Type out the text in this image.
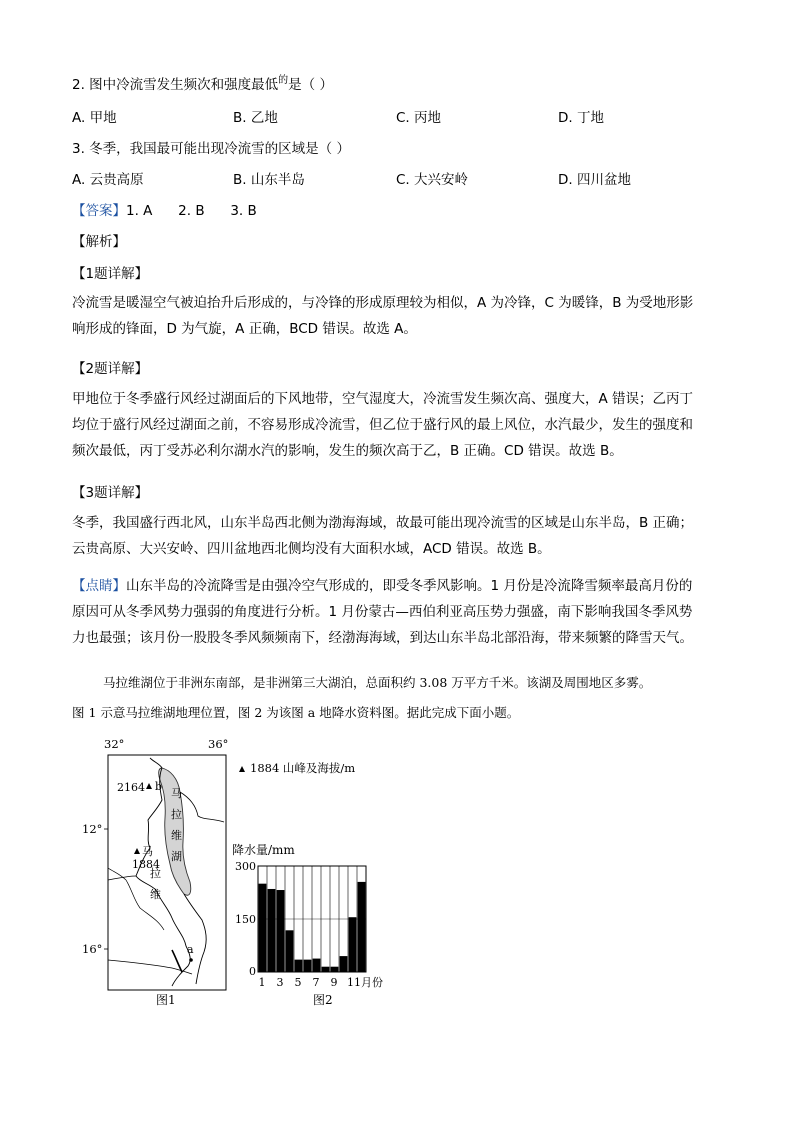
2. 图中冷流雪发生频次和强度最低$^的$是（ ）
A. 甲地	B. 乙地	C. 丙地	D. 丁地
3. 冬季，我国最可能出现冷流雪的区域是（ ）
A. 云贵高原	B. 山东半岛	C. 大兴安岭	D. 四川盆地
【答案】1. A      2. B      3. B
【解析】
【1题详解】
冷流雪是暖湿空气被迫抬升后形成的，与冷锋的形成原理较为相似，A 为冷锋，C 为暖锋，B 为受地形影
响形成的锋面，D 为气旋，A 正确，BCD 错误。故选 A。
【2题详解】
甲地位于冬季盛行风经过湖面后的下风地带，空气湿度大，冷流雪发生频次高、强度大，A 错误；乙丙丁
均位于盛行风经过湖面之前，不容易形成冷流雪，但乙位于盛行风的最上风位，水汽最少，发生的强度和
频次最低，丙丁受苏必利尔湖水汽的影响，发生的频次高于乙，B 正确。CD 错误。故选 B。
【3题详解】
冬季，我国盛行西北风，山东半岛西北侧为渤海海域，故最可能出现冷流雪的区域是山东半岛，B 正确；
云贵高原、大兴安岭、四川盆地西北侧均没有大面积水域，ACD 错误。故选 B。
【点睛】山东半岛的冷流降雪是由强冷空气形成的，即受冬季风影响。1 月份是冷流降雪频率最高月份的
原因可从冬季风势力强弱的角度进行分析。1 月份蒙古—西伯利亚高压势力强盛，南下影响我国冬季风势
力也最强；该月份一股股冬季风频频南下，经渤海海域，到达山东半岛北部沿海，带来频繁的降雪天气。
马拉维湖位于非洲东南部，是非洲第三大湖泊，总面积约 3.08 万平方千米。该湖及周围地区多雾。
图 1 示意马拉维湖地理位置，图 2 为该图 a 地降水资料图。据此完成下面小题。
32°	36°
12°
16°
2164 b
马
1884
拉
维
马
拉
维
湖
a
图1
1884 山峰及海拔/m
降水量/mm
300
150
0
1 3 5 7 9 11月份
图2
